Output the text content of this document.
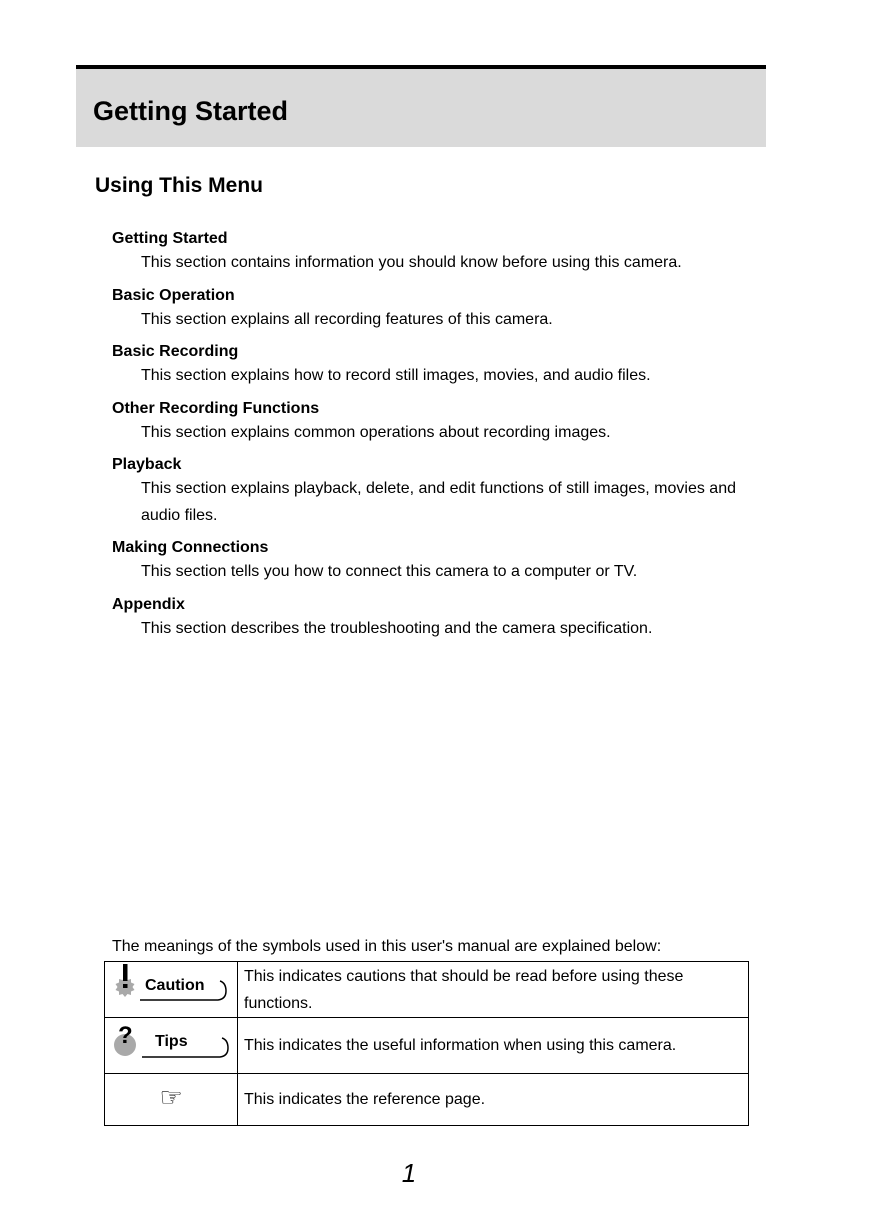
Getting Started
Using This Menu
Getting Started
This section contains information you should know before using this camera.
Basic Operation
This section explains all recording features of this camera.
Basic Recording
This section explains how to record still images, movies, and audio files.
Other Recording Functions
This section explains common operations about recording images.
Playback
This section explains playback, delete, and edit functions of still images, movies and audio files.
Making Connections
This section tells you how to connect this camera to a computer or TV.
Appendix
This section describes the troubleshooting and the camera specification.
The meanings of the symbols used in this user's manual are explained below:
Caution	This indicates cautions that should be read before using these functions.

? Tips	This indicates the useful information when using this camera.
☞	This indicates the reference page.
1
